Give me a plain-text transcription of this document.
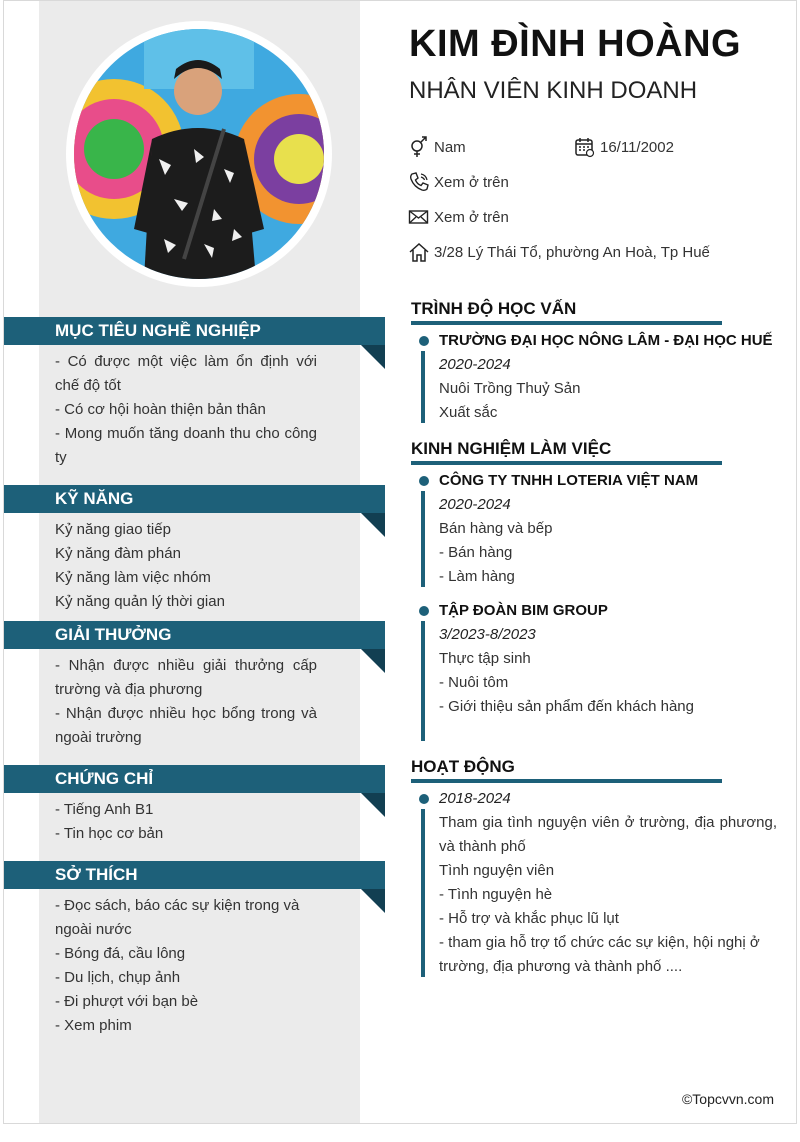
MỤC TIÊU NGHỀ NGHIỆP
- Có được một việc làm ổn định với chế độ tốt
- Có cơ hội hoàn thiện bản thân
- Mong muốn tăng doanh thu cho công ty
KỸ NĂNG
Kỷ năng giao tiếp
Kỷ năng đàm phán
Kỷ năng làm việc nhóm
Kỷ năng quản lý thời gian
GIẢI THƯỞNG
- Nhận được nhiều giải thưởng cấp trường và địa phương
- Nhận được nhiều học bổng trong và ngoài trường
CHỨNG CHỈ
- Tiếng Anh B1
- Tin học cơ bản
SỞ THÍCH
- Đọc sách, báo các sự kiện trong và ngoài nước
- Bóng đá, cầu lông
- Du lịch, chụp ảnh
- Đi phượt với bạn bè
- Xem phim
KIM ĐÌNH HOÀNG
NHÂN VIÊN KINH DOANH
Nam	16/11/2002
Xem ở trên
Xem ở trên
3/28 Lý Thái Tổ, phường An Hoà, Tp Huế
TRÌNH ĐỘ HỌC VẤN
TRƯỜNG ĐẠI HỌC NÔNG LÂM - ĐẠI HỌC HUẾ
2020-2024
Nuôi Trồng Thuỷ Sản
Xuất sắc
KINH NGHIỆM LÀM VIỆC
CÔNG TY TNHH LOTERIA VIỆT NAM
2020-2024
Bán hàng và bếp
- Bán hàng
- Làm hàng
TẬP ĐOÀN BIM GROUP
3/2023-8/2023
Thực tập sinh
- Nuôi tôm
- Giới thiệu sản phẩm đến khách hàng
HOẠT ĐỘNG
2018-2024
Tham gia tình nguyện viên ở trường, địa phương, và thành phố
Tình nguyện viên
- Tình nguyện hè
- Hỗ trợ và khắc phục lũ lụt
- tham gia hỗ trợ tổ chức các sự kiện, hội nghị ở trường, địa phương và thành phố ....
©Topcvvn.com
